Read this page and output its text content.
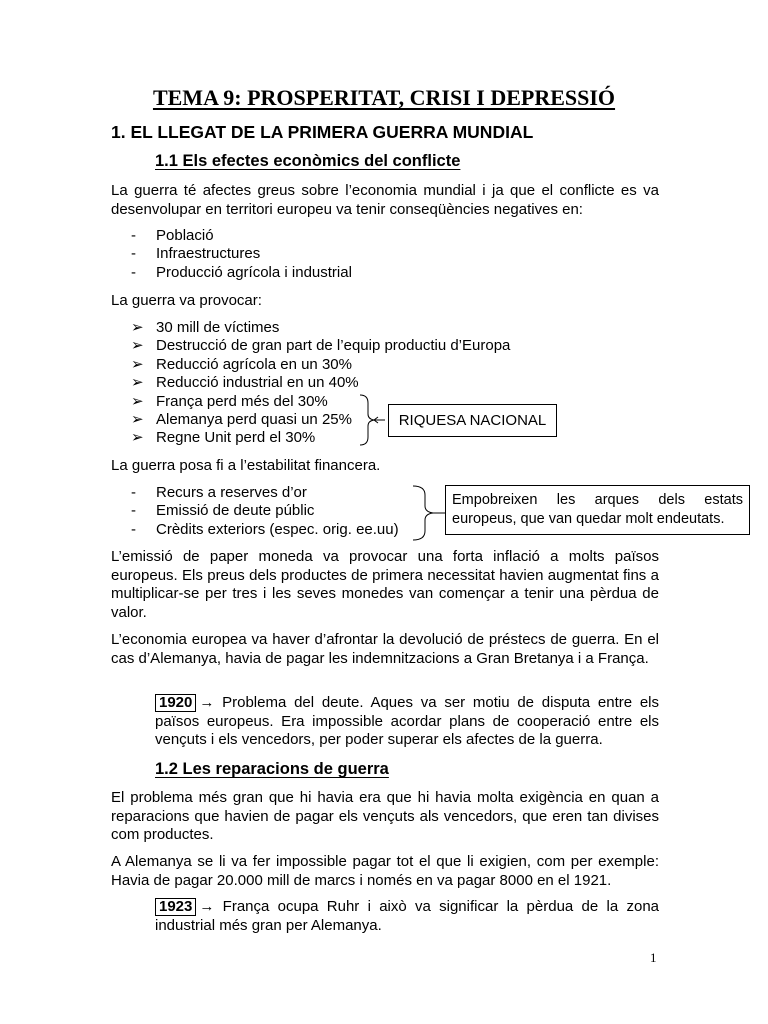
TEMA 9: PROSPERITAT, CRISI I DEPRESSIÓ
1. EL LLEGAT DE LA PRIMERA GUERRA MUNDIAL
1.1 Els efectes econòmics del conflicte

La guerra té afectes greus sobre l’economia mundial i ja que el conflicte es va desenvolupar en territori europeu va tenir conseqüències negatives en:

-	Població
-	Infraestructures
-	Producció agrícola i industrial

La guerra va provocar:

➢ 30 mill de víctimes
➢ Destrucció de gran part de l’equip productiu d’Europa
➢ Reducció agrícola en un 30%
➢ Reducció industrial en un 40%
➢ França perd més del 30%
➢ Alemanya perd quasi un 25%
➢ Regne Unit perd el 30%
RIQUESA NACIONAL

La guerra posa fi a l’estabilitat financera.

-	Recurs a reserves d’or
-	Emissió de deute públic
-	Crèdits exteriors (espec. orig. ee.uu)
Empobreixen les arques dels estats europeus, que van quedar molt endeutats.

L’emissió de paper moneda va provocar una forta inflació a molts països europeus. Els preus dels productes de primera necessitat havien augmentat fins a multiplicar-se per tres i les seves monedes van començar a tenir una pèrdua de valor.

L’economia europea va haver d’afrontar la devolució de préstecs de guerra. En el cas d’Alemanya, havia de pagar les indemnitzacions a Gran Bretanya i a França.

1920 → Problema del deute. Aques va ser motiu de disputa entre els països europeus. Era impossible acordar plans de cooperació entre els vençuts i els vencedors, per poder superar els afectes de la guerra.

1.2 Les reparacions de guerra

El problema més gran que hi havia era que hi havia molta exigència en quan a reparacions que havien de pagar els vençuts als vencedors, que eren tan divises com productes.

A Alemanya se li va fer impossible pagar tot el que li exigien, com per exemple: Havia de pagar 20.000 mill de marcs i només en va pagar 8000 en el 1921.

1923 → França ocupa Ruhr i això va significar la pèrdua de la zona industrial més gran per Alemanya.

1
